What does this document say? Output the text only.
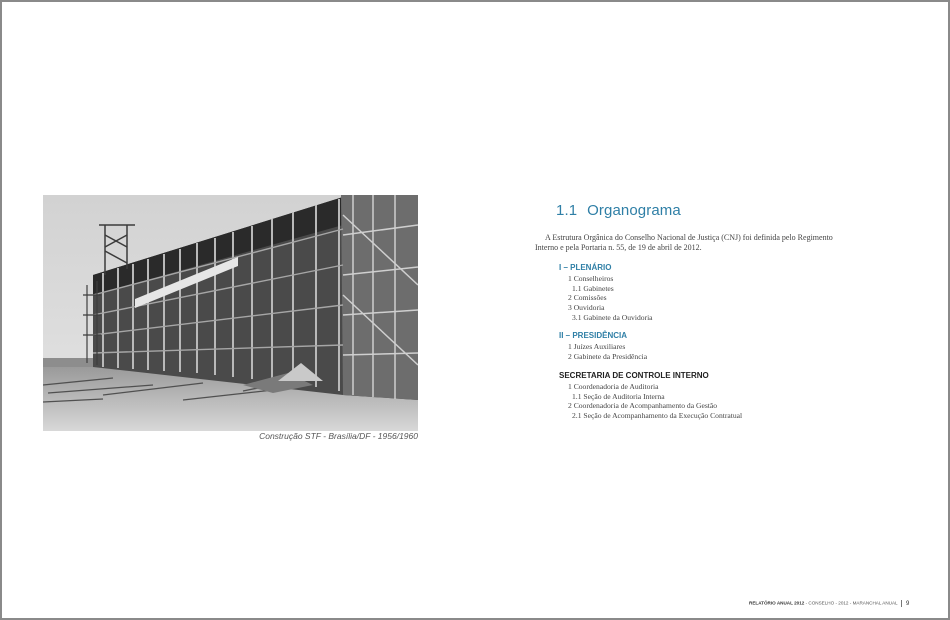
Construção STF - Brasília/DF - 1956/1960
1.1 Organograma

A Estrutura Orgânica do Conselho Nacional de Justiça (CNJ) foi definida pelo Regimento Interno e pela Portaria n. 55, de 19 de abril de 2012.

I – PLENÁRIO
1 Conselheiros
1.1 Gabinetes
2 Comissões
3 Ouvidoria
3.1 Gabinete da Ouvidoria
II – PRESIDÊNCIA
1 Juízes Auxiliares
2 Gabinete da Presidência
SECRETARIA DE CONTROLE INTERNO
1 Coordenadoria de Auditoria
1.1 Seção de Auditoria Interna
2 Coordenadoria de Acompanhamento da Gestão
2.1 Seção de Acompanhamento da Execução Contratual
RELATÓRIO ANUAL 2012 - CONSELHO - 2012 - MARANCHAL ANUAL 9
